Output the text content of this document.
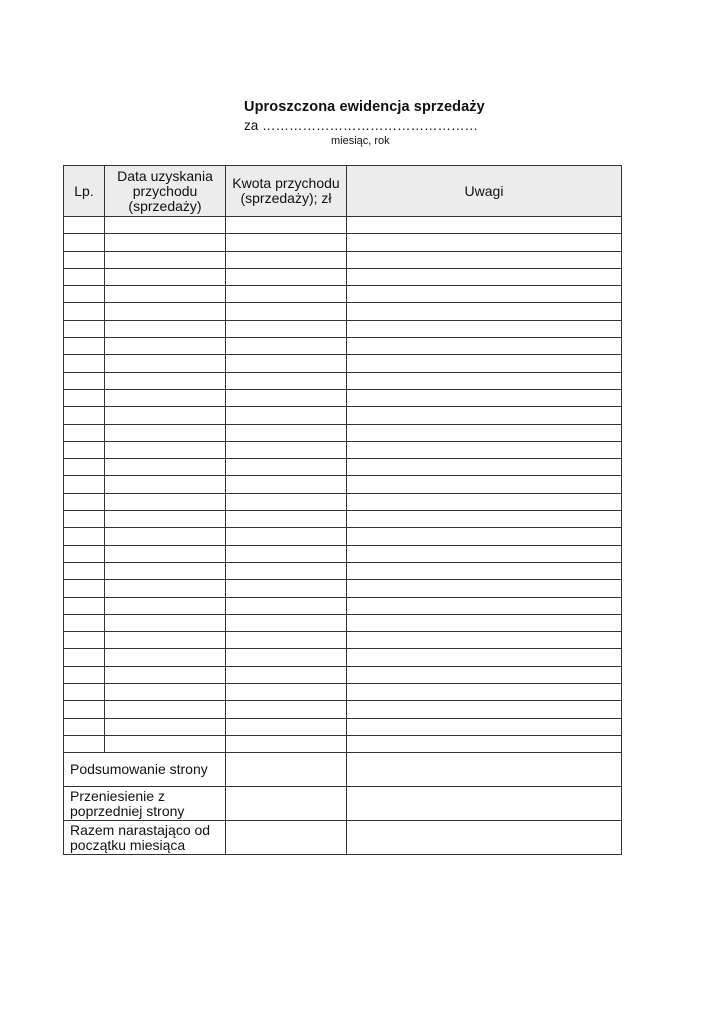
Uproszczona ewidencja sprzedaży
za …………………………………………
miesiąc, rok
Lp.	Data uzyskania przychodu (sprzedaży)	Kwota przychodu (sprzedaży); zł	Uwagi

Podsumowanie strony			
Przeniesienie z poprzedniej strony			
Razem narastająco od początku miesiąca			
